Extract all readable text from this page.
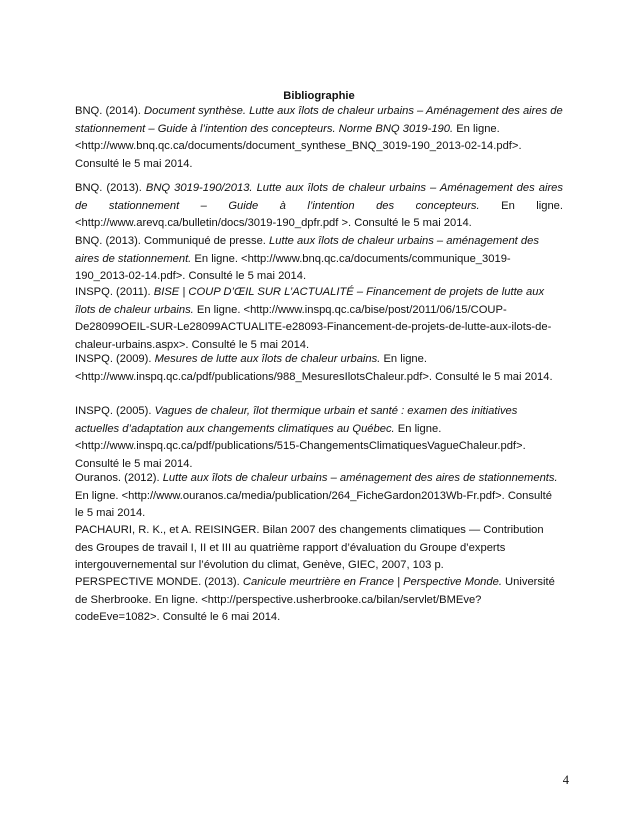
Bibliographie

BNQ. (2014). Document synthèse. Lutte aux îlots de chaleur urbains – Aménagement des aires de stationnement – Guide à l’intention des concepteurs. Norme BNQ 3019-190. En ligne. <http://www.bnq.qc.ca/documents/document_synthese_BNQ_3019-190_2013-02-14.pdf>. Consulté le 5 mai 2014.

BNQ. (2013). BNQ 3019-190/2013. Lutte aux îlots de chaleur urbains – Aménagement des aires de stationnement – Guide à l’intention des concepteurs. En ligne. <http://www.arevq.ca/bulletin/docs/3019-190_dpfr.pdf >. Consulté le 5 mai 2014.

BNQ. (2013). Communiqué de presse. Lutte aux îlots de chaleur urbains – aménagement des aires de stationnement. En ligne. <http://www.bnq.qc.ca/documents/communique_3019-190_2013-02-14.pdf>. Consulté le 5 mai 2014.

INSPQ. (2011). BISE | COUP D’ŒIL SUR L’ACTUALITÉ – Financement de projets de lutte aux îlots de chaleur urbains. En ligne. <http://www.inspq.qc.ca/bise/post/2011/06/15/COUP-De28099OEIL-SUR-Le28099ACTUALITE-e28093-Financement-de-projets-de-lutte-aux-ilots-de-chaleur-urbains.aspx>. Consulté le 5 mai 2014.

INSPQ. (2009). Mesures de lutte aux îlots de chaleur urbains. En ligne. <http://www.inspq.qc.ca/pdf/publications/988_MesuresIlotsChaleur.pdf>. Consulté le 5 mai 2014.

INSPQ. (2005). Vagues de chaleur, îlot thermique urbain et santé : examen des initiatives actuelles d’adaptation aux changements climatiques au Québec. En ligne. <http://www.inspq.qc.ca/pdf/publications/515-ChangementsClimatiquesVagueChaleur.pdf>. Consulté le 5 mai 2014.

Ouranos. (2012). Lutte aux îlots de chaleur urbains – aménagement des aires de stationnements. En ligne. <http://www.ouranos.ca/media/publication/264_FicheGardon2013Wb-Fr.pdf>. Consulté le 5 mai 2014.

PACHAURI, R. K., et A. REISINGER. Bilan 2007 des changements climatiques — Contribution des Groupes de travail I, II et III au quatrième rapport d’évaluation du Groupe d’experts intergouvernemental sur l’évolution du climat, Genève, GIEC, 2007, 103 p.

PERSPECTIVE MONDE. (2013). Canicule meurtrière en France | Perspective Monde. Université de Sherbrooke. En ligne. <http://perspective.usherbrooke.ca/bilan/servlet/BMEve?codeEve=1082>. Consulté le 6 mai 2014.

4
